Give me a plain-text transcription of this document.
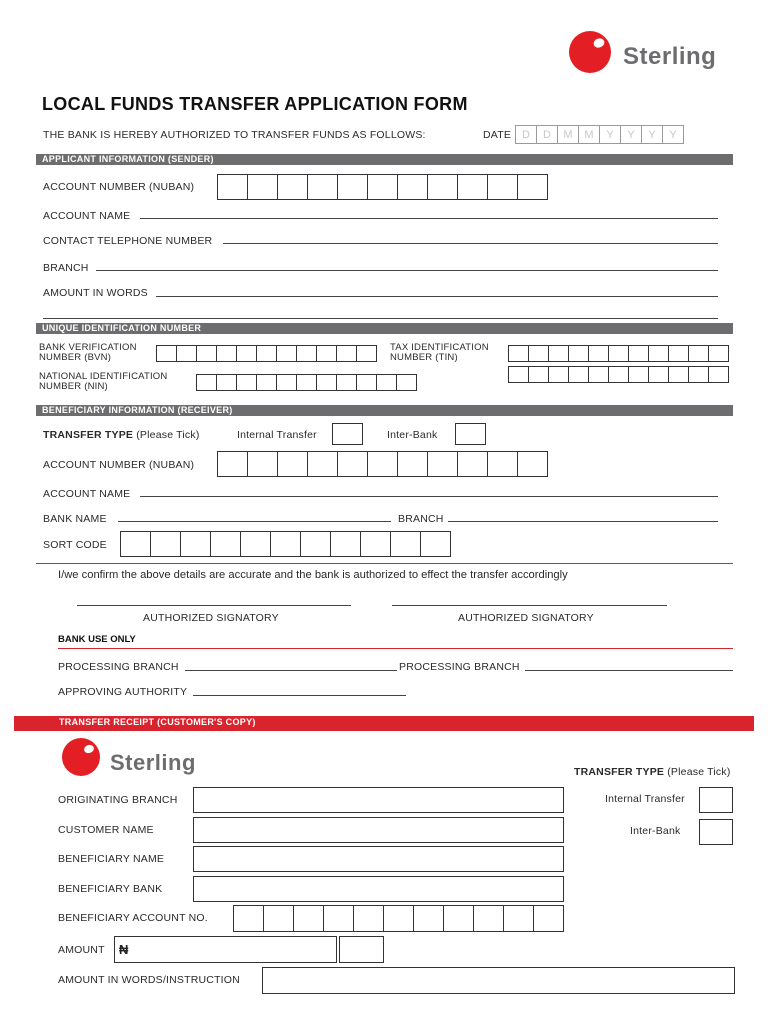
Sterling
LOCAL FUNDS TRANSFER APPLICATION FORM
THE BANK IS HEREBY AUTHORIZED TO TRANSFER FUNDS AS FOLLOWS:	DATE D	D	M	M	Y	Y	Y	Y
APPLICANT INFORMATION (SENDER)
ACCOUNT NUMBER (NUBAN)
ACCOUNT NAME
CONTACT TELEPHONE NUMBER
BRANCH
AMOUNT IN WORDS
UNIQUE IDENTIFICATION NUMBER
BANK VERIFICATION
NUMBER (BVN)
TAX IDENTIFICATION
NUMBER (TIN)
NATIONAL IDENTIFICATION
NUMBER (NIN)
BENEFICIARY INFORMATION (RECEIVER)
TRANSFER TYPE (Please Tick)	Internal Transfer	Inter-Bank
ACCOUNT NUMBER (NUBAN)
ACCOUNT NAME
BANK NAME	BRANCH
SORT CODE
I/we confirm the above details are accurate and the bank is authorized to effect the transfer accordingly
AUTHORIZED SIGNATORY	AUTHORIZED SIGNATORY
BANK USE ONLY
PROCESSING BRANCH	PROCESSING BRANCH
APPROVING AUTHORITY
TRANSFER RECEIPT (CUSTOMER'S COPY)
Sterling	TRANSFER TYPE (Please Tick)
Internal Transfer
Inter-Bank
ORIGINATING BRANCH
CUSTOMER NAME
BENEFICIARY NAME
BENEFICIARY BANK
BENEFICIARY ACCOUNT NO.
AMOUNT ₦
AMOUNT IN WORDS/INSTRUCTION
